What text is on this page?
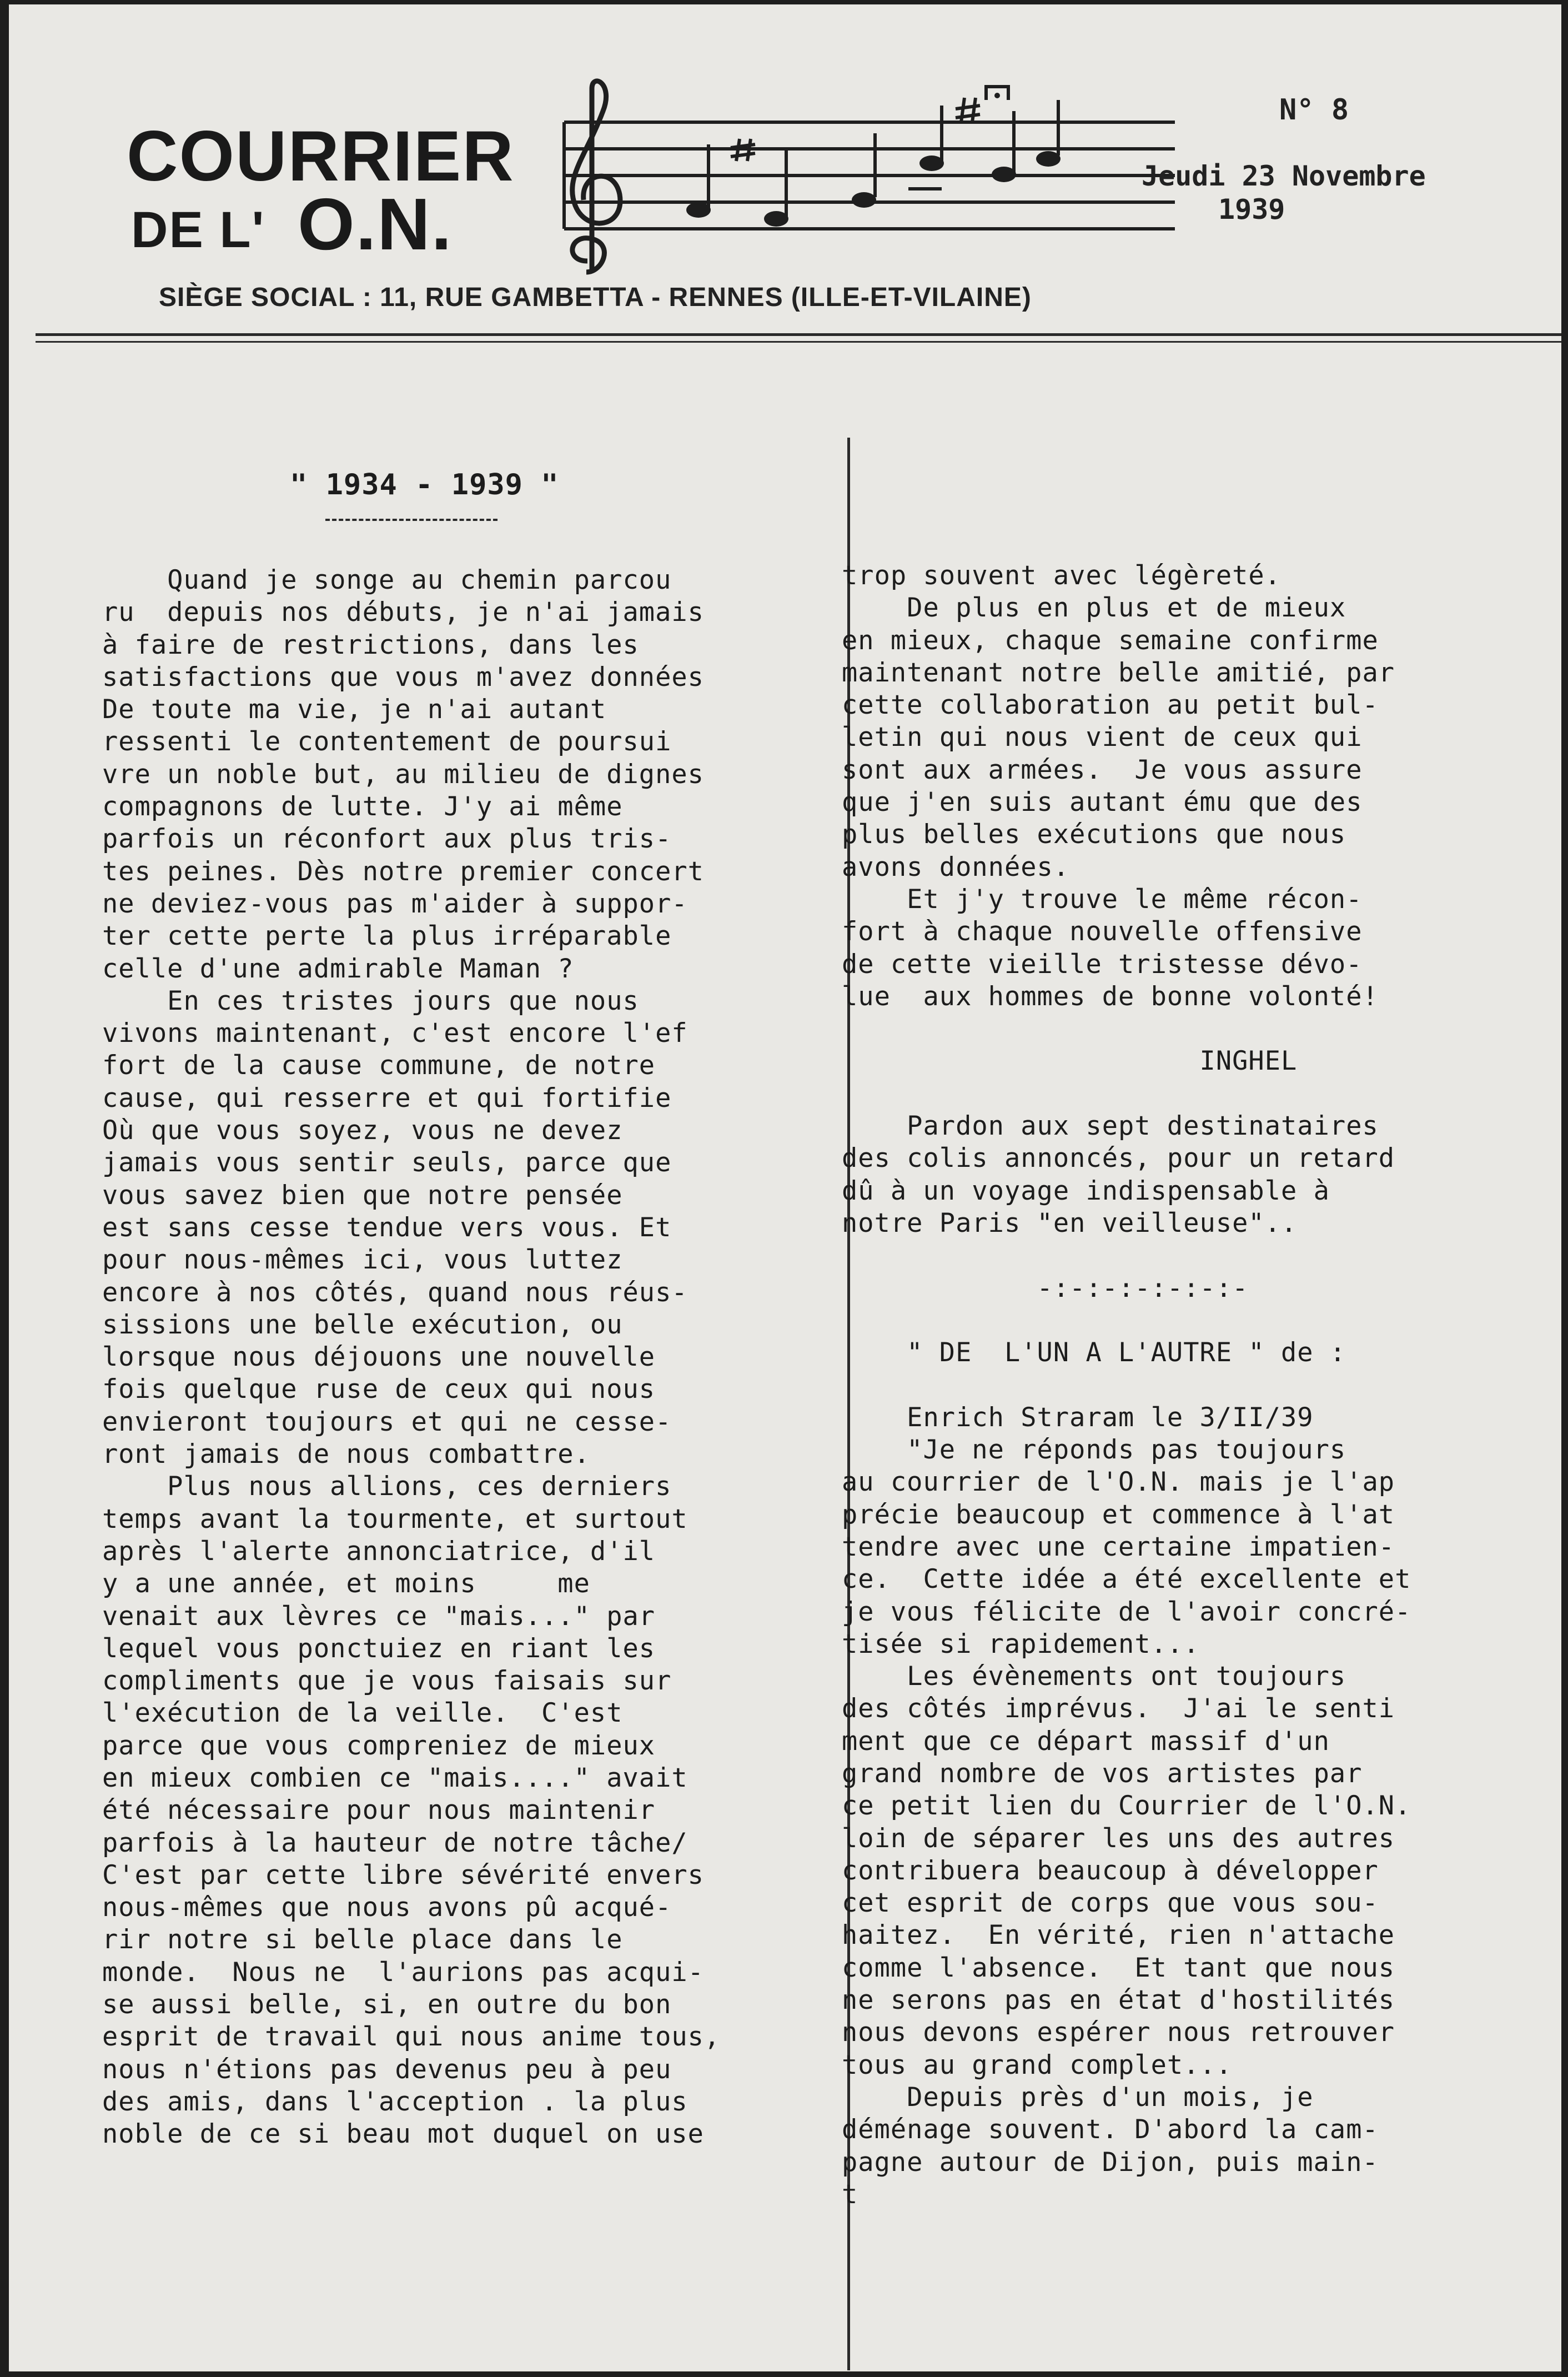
COURRIER
DE L' O.N.
N° 8
Jeudi 23 Novembre
1939
SIÈGE SOCIAL : 11, RUE GAMBETTA - RENNES (ILLE-ET-VILAINE)
" 1934 - 1939 "
Quand je songe au chemin parcou
ru  depuis nos débuts, je n'ai jamais
à faire de restrictions, dans les
satisfactions que vous m'avez données
De toute ma vie, je n'ai autant
ressenti le contentement de poursui
vre un noble but, au milieu de dignes
compagnons de lutte. J'y ai même
parfois un réconfort aux plus tris-
tes peines. Dès notre premier concert
ne deviez-vous pas m'aider à suppor-
ter cette perte la plus irréparable
celle d'une admirable Maman ?
En ces tristes jours que nous
vivons maintenant, c'est encore l'ef
fort de la cause commune, de notre
cause, qui resserre et qui fortifie
Où que vous soyez, vous ne devez
jamais vous sentir seuls, parce que
vous savez bien que notre pensée
est sans cesse tendue vers vous. Et
pour nous-mêmes ici, vous luttez
encore à nos côtés, quand nous réus-
sissions une belle exécution, ou
lorsque nous déjouons une nouvelle
fois quelque ruse de ceux qui nous
envieront toujours et qui ne cesse-
ront jamais de nous combattre.
Plus nous allions, ces derniers
temps avant la tourmente, et surtout
après l'alerte annonciatrice, d'il
y a une année, et moins     me
venait aux lèvres ce "mais..." par
lequel vous ponctuiez en riant les
compliments que je vous faisais sur
l'exécution de la veille.  C'est
parce que vous compreniez de mieux
en mieux combien ce "mais...." avait
été nécessaire pour nous maintenir
parfois à la hauteur de notre tâche/
C'est par cette libre sévérité envers
nous-mêmes que nous avons pû acqué-
rir notre si belle place dans le
monde.  Nous ne  l'aurions pas acqui-
se aussi belle, si, en outre du bon
esprit de travail qui nous anime tous,
nous n'étions pas devenus peu à peu
des amis, dans l'acception . la plus
noble de ce si beau mot duquel on use
trop souvent avec légèreté.
De plus en plus et de mieux
en mieux, chaque semaine confirme
maintenant notre belle amitié, par
cette collaboration au petit bul-
letin qui nous vient de ceux qui
sont aux armées.  Je vous assure
que j'en suis autant ému que des
plus belles exécutions que nous
avons données.
Et j'y trouve le même récon-
fort à chaque nouvelle offensive
de cette vieille tristesse dévo-
lue  aux hommes de bonne volonté!

INGHEL

Pardon aux sept destinataires
des colis annoncés, pour un retard
dû à un voyage indispensable à
notre Paris "en veilleuse"..

-:-:-:-:-:-:-

" DE  L'UN A L'AUTRE " de :

Enrich Straram le 3/II/39
"Je ne réponds pas toujours
au courrier de l'O.N. mais je l'ap
précie beaucoup et commence à l'at
tendre avec une certaine impatien-
ce.  Cette idée a été excellente et
je vous félicite de l'avoir concré-
tisée si rapidement...
Les évènements ont toujours
des côtés imprévus.  J'ai le senti
ment que ce départ massif d'un
grand nombre de vos artistes par
ce petit lien du Courrier de l'O.N.
loin de séparer les uns des autres
contribuera beaucoup à développer
cet esprit de corps que vous sou-
haitez.  En vérité, rien n'attache
comme l'absence.  Et tant que nous
ne serons pas en état d'hostilités
nous devons espérer nous retrouver
tous au grand complet...
Depuis près d'un mois, je
déménage souvent. D'abord la cam-
pagne autour de Dijon, puis main-
t
